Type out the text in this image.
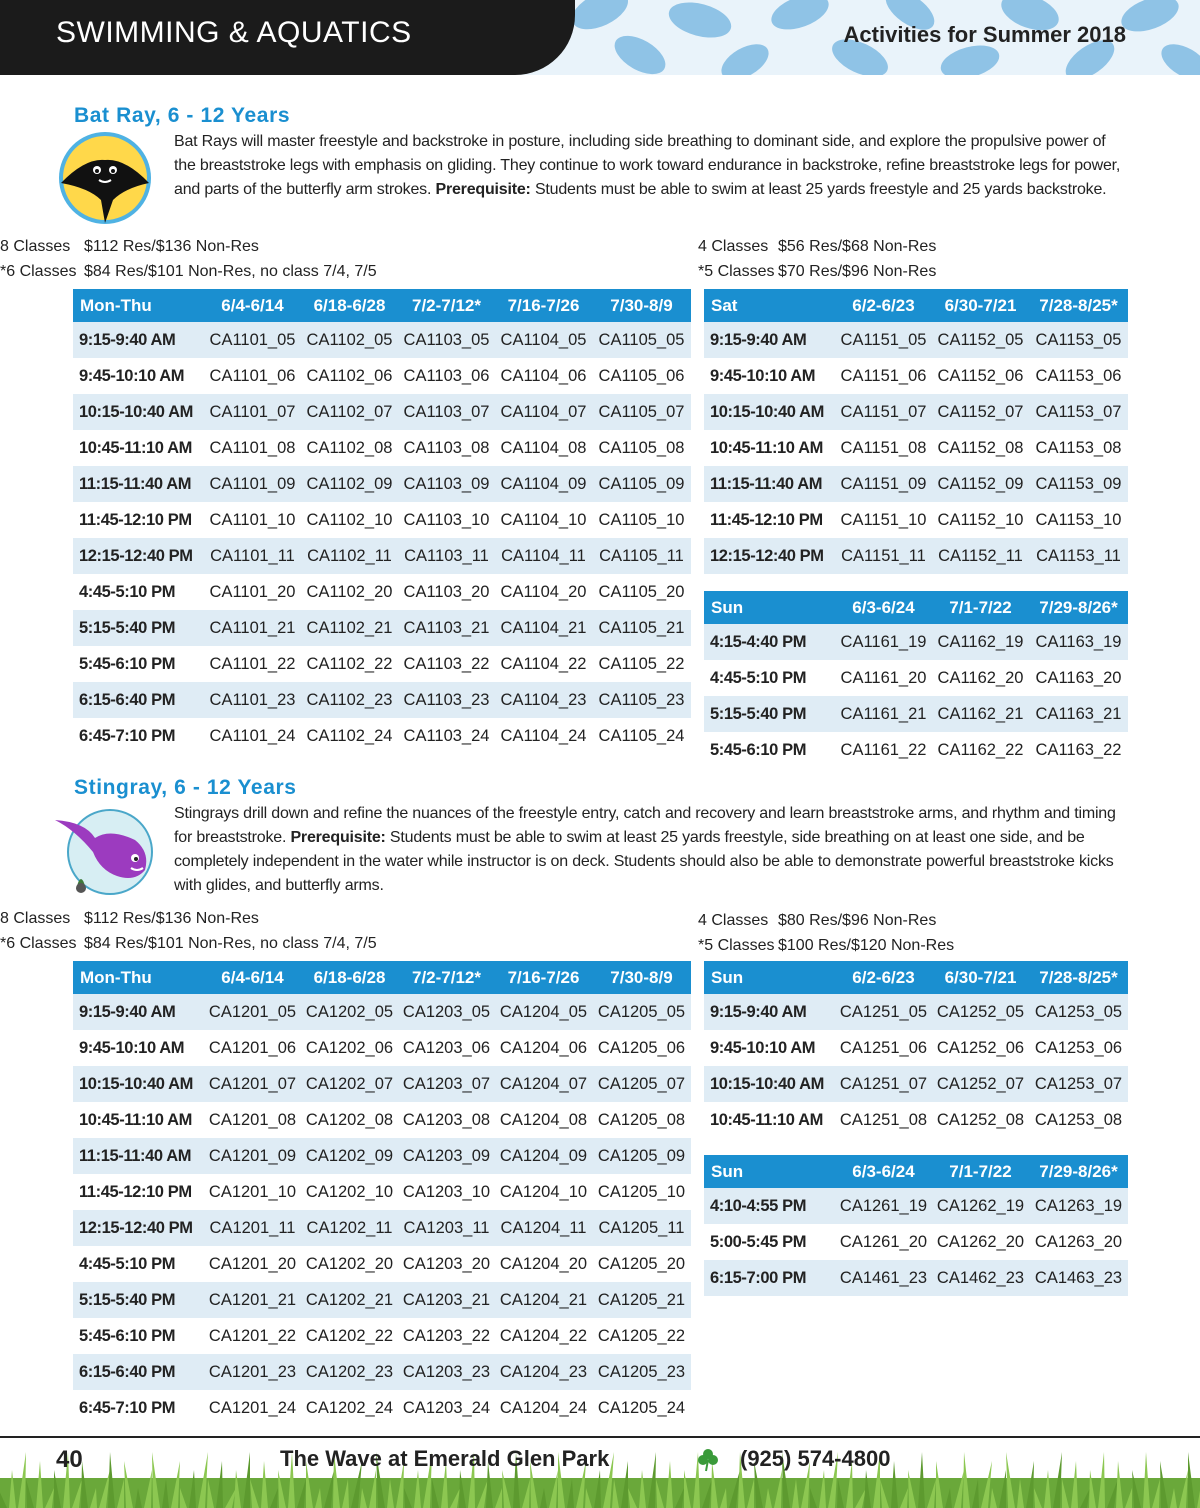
SWIMMING & AQUATICS	Activities for Summer 2018
Bat Ray, 6 - 12 Years
Bat Rays will master freestyle and backstroke in posture, including side breathing to dominant side, and explore the propulsive power of the breaststroke legs with emphasis on gliding. They continue to work toward endurance in backstroke, refine breaststroke legs for power, and parts of the butterfly arm strokes. Prerequisite: Students must be able to swim at least 25 yards freestyle and 25 yards backstroke.
8 Classes $112 Res/$136 Non-Res
*6 Classes $84 Res/$101 Non-Res, no class 7/4, 7/5
4 Classes $56 Res/$68 Non-Res
*5 Classes $70 Res/$96 Non-Res
Mon-Thu	6/4-6/14	6/18-6/28	7/2-7/12*	7/16-7/26	7/30-8/9
9:15-9:40 AM	CA1101_05	CA1102_05	CA1103_05	CA1104_05	CA1105_05
9:45-10:10 AM	CA1101_06	CA1102_06	CA1103_06	CA1104_06	CA1105_06
10:15-10:40 AM	CA1101_07	CA1102_07	CA1103_07	CA1104_07	CA1105_07
10:45-11:10 AM	CA1101_08	CA1102_08	CA1103_08	CA1104_08	CA1105_08
11:15-11:40 AM	CA1101_09	CA1102_09	CA1103_09	CA1104_09	CA1105_09
11:45-12:10 PM	CA1101_10	CA1102_10	CA1103_10	CA1104_10	CA1105_10
12:15-12:40 PM	CA1101_11	CA1102_11	CA1103_11	CA1104_11	CA1105_11
4:45-5:10 PM	CA1101_20	CA1102_20	CA1103_20	CA1104_20	CA1105_20
5:15-5:40 PM	CA1101_21	CA1102_21	CA1103_21	CA1104_21	CA1105_21
5:45-6:10 PM	CA1101_22	CA1102_22	CA1103_22	CA1104_22	CA1105_22
6:15-6:40 PM	CA1101_23	CA1102_23	CA1103_23	CA1104_23	CA1105_23
6:45-7:10 PM	CA1101_24	CA1102_24	CA1103_24	CA1104_24	CA1105_24
Sat	6/2-6/23	6/30-7/21	7/28-8/25*
9:15-9:40 AM	CA1151_05	CA1152_05	CA1153_05
9:45-10:10 AM	CA1151_06	CA1152_06	CA1153_06
10:15-10:40 AM	CA1151_07	CA1152_07	CA1153_07
10:45-11:10 AM	CA1151_08	CA1152_08	CA1153_08
11:15-11:40 AM	CA1151_09	CA1152_09	CA1153_09
11:45-12:10 PM	CA1151_10	CA1152_10	CA1153_10
12:15-12:40 PM	CA1151_11	CA1152_11	CA1153_11
Sun	6/3-6/24	7/1-7/22	7/29-8/26*
4:15-4:40 PM	CA1161_19	CA1162_19	CA1163_19
4:45-5:10 PM	CA1161_20	CA1162_20	CA1163_20
5:15-5:40 PM	CA1161_21	CA1162_21	CA1163_21
5:45-6:10 PM	CA1161_22	CA1162_22	CA1163_22
Stingray, 6 - 12 Years
Stingrays drill down and refine the nuances of the freestyle entry, catch and recovery and learn breaststroke arms, and rhythm and timing for breaststroke. Prerequisite: Students must be able to swim at least 25 yards freestyle, side breathing on at least one side, and be completely independent in the water while instructor is on deck. Students should also be able to demonstrate powerful breaststroke kicks with glides, and butterfly arms.
8 Classes $112 Res/$136 Non-Res
*6 Classes $84 Res/$101 Non-Res, no class 7/4, 7/5
4 Classes $80 Res/$96 Non-Res
*5 Classes $100 Res/$120 Non-Res
Mon-Thu	6/4-6/14	6/18-6/28	7/2-7/12*	7/16-7/26	7/30-8/9
9:15-9:40 AM	CA1201_05	CA1202_05	CA1203_05	CA1204_05	CA1205_05
9:45-10:10 AM	CA1201_06	CA1202_06	CA1203_06	CA1204_06	CA1205_06
10:15-10:40 AM	CA1201_07	CA1202_07	CA1203_07	CA1204_07	CA1205_07
10:45-11:10 AM	CA1201_08	CA1202_08	CA1203_08	CA1204_08	CA1205_08
11:15-11:40 AM	CA1201_09	CA1202_09	CA1203_09	CA1204_09	CA1205_09
11:45-12:10 PM	CA1201_10	CA1202_10	CA1203_10	CA1204_10	CA1205_10
12:15-12:40 PM	CA1201_11	CA1202_11	CA1203_11	CA1204_11	CA1205_11
4:45-5:10 PM	CA1201_20	CA1202_20	CA1203_20	CA1204_20	CA1205_20
5:15-5:40 PM	CA1201_21	CA1202_21	CA1203_21	CA1204_21	CA1205_21
5:45-6:10 PM	CA1201_22	CA1202_22	CA1203_22	CA1204_22	CA1205_22
6:15-6:40 PM	CA1201_23	CA1202_23	CA1203_23	CA1204_23	CA1205_23
6:45-7:10 PM	CA1201_24	CA1202_24	CA1203_24	CA1204_24	CA1205_24
Sun	6/2-6/23	6/30-7/21	7/28-8/25*
9:15-9:40 AM	CA1251_05	CA1252_05	CA1253_05
9:45-10:10 AM	CA1251_06	CA1252_06	CA1253_06
10:15-10:40 AM	CA1251_07	CA1252_07	CA1253_07
10:45-11:10 AM	CA1251_08	CA1252_08	CA1253_08
Sun	6/3-6/24	7/1-7/22	7/29-8/26*
4:10-4:55 PM	CA1261_19	CA1262_19	CA1263_19
5:00-5:45 PM	CA1261_20	CA1262_20	CA1263_20
6:15-7:00 PM	CA1461_23	CA1462_23	CA1463_23
40	The Wave at Emerald Glen Park	(925) 574-4800
